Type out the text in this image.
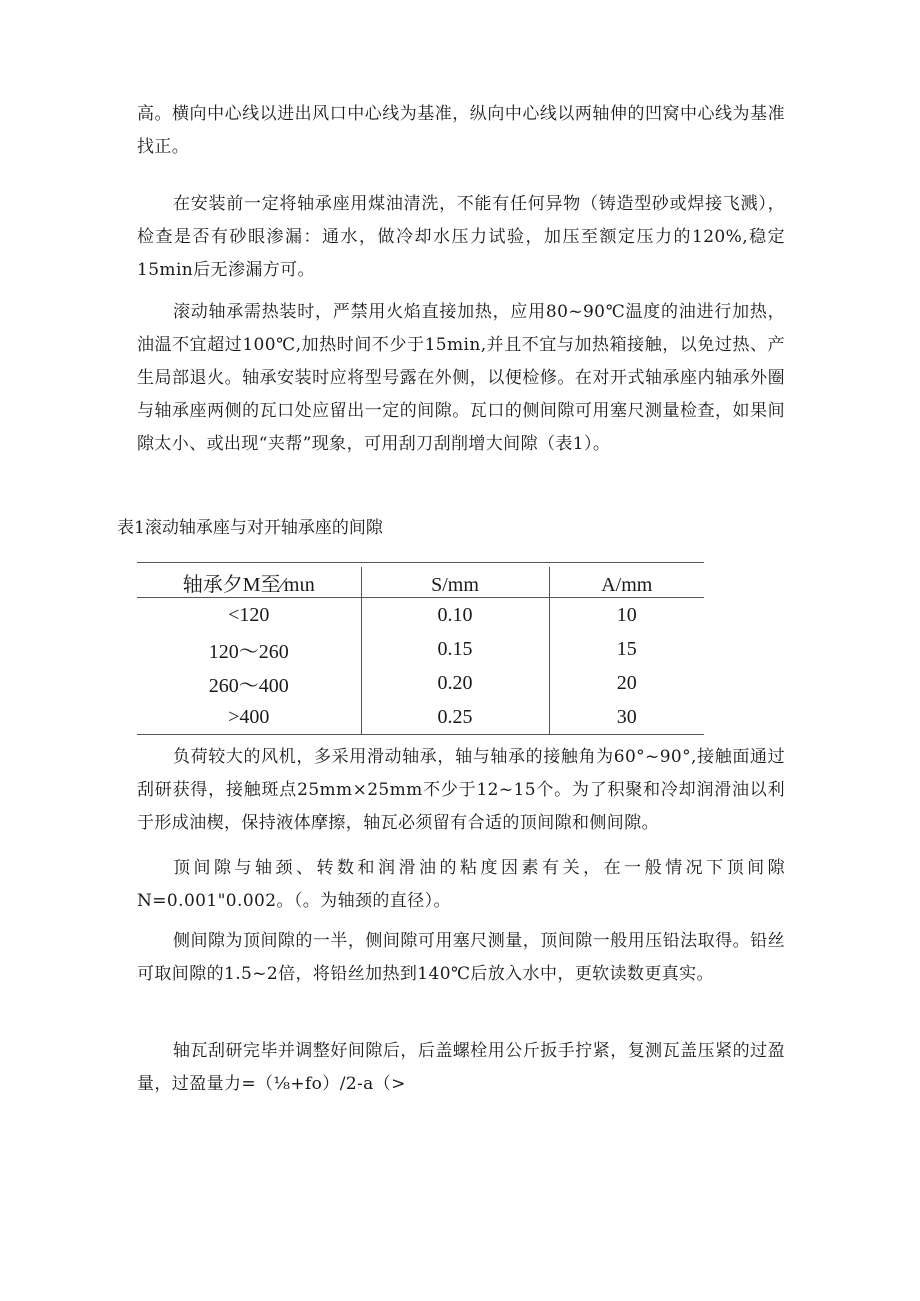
高。横向中心线以进出风口中心线为基准，纵向中心线以两轴伸的凹窝中心线为基准找正。

在安装前一定将轴承座用煤油清洗，不能有任何异物（铸造型砂或焊接飞溅），检查是否有砂眼渗漏：通水，做冷却水压力试验，加压至额定压力的120%,稳定15min后无渗漏方可。

滚动轴承需热装时，严禁用火焰直接加热，应用80~90℃温度的油进行加热，油温不宜超过100℃,加热时间不少于15min,并且不宜与加热箱接触，以免过热、产生局部退火。轴承安装时应将型号露在外侧，以便检修。在对开式轴承座内轴承外圈与轴承座两侧的瓦口处应留出一定的间隙。瓦口的侧间隙可用塞尺测量检查，如果间隙太小、或出现“夹帮”现象，可用刮刀刮削增大间隙（表1）。

表1滚动轴承座与对开轴承座的间隙

轴承夕M至∕mιn	S/mm	A/mm
<120	0.10	10
120～260	0.15	15
260～400	0.20	20
>400	0.25	30

负荷较大的风机，多采用滑动轴承，轴与轴承的接触角为60°~90°,接触面通过刮研获得，接触斑点25mm×25mm不少于12~15个。为了积聚和冷却润滑油以利于形成油楔，保持液体摩擦，轴瓦必须留有合适的顶间隙和侧间隙。

顶间隙与轴颈、转数和润滑油的粘度因素有关，在一般情况下顶间隙N=0.001"0.002。（。为轴颈的直径）。

侧间隙为顶间隙的一半，侧间隙可用塞尺测量，顶间隙一般用压铅法取得。铅丝可取间隙的1.5~2倍，将铅丝加热到140℃后放入水中，更软读数更真实。

轴瓦刮研完毕并调整好间隙后，后盖螺栓用公斤扳手拧紧，复测瓦盖压紧的过盈量，过盈量力=（⅛+fo）/2-a（>
